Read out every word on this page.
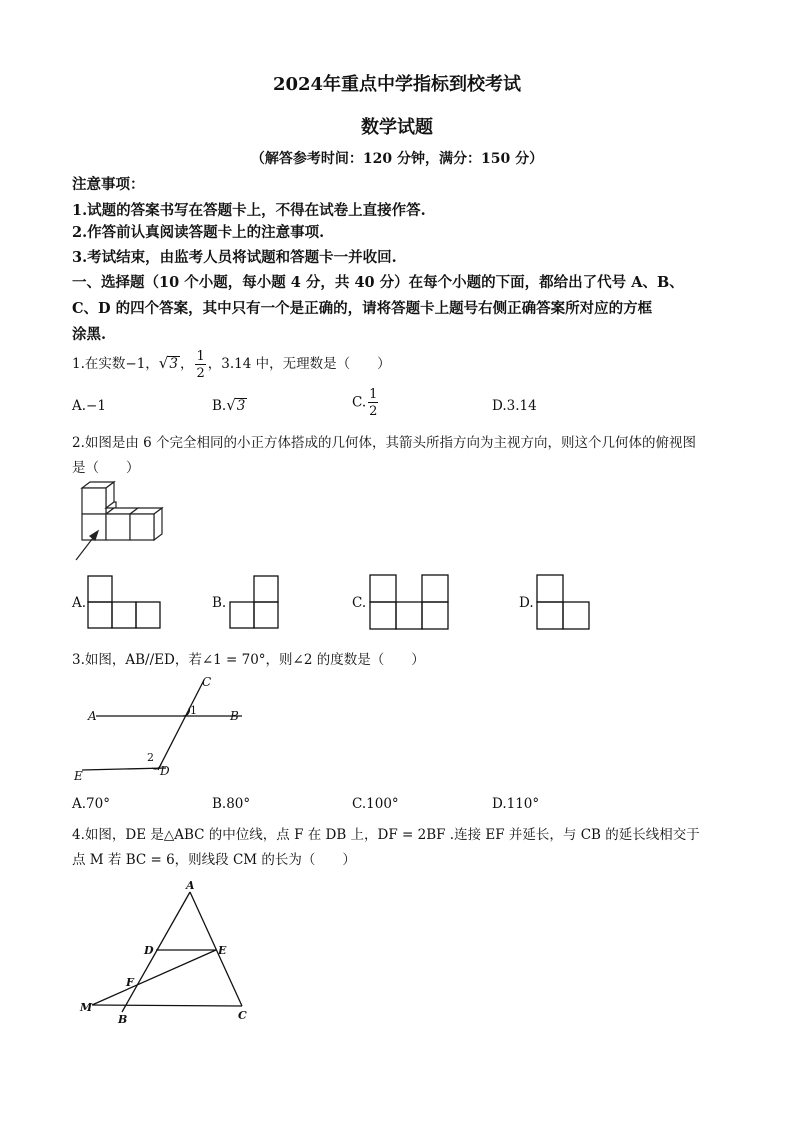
2024年重点中学指标到校考试
数学试题
（解答参考时间：120 分钟，满分：150 分）
注意事项：
1.试题的答案书写在答题卡上，不得在试卷上直接作答.
2.作答前认真阅读答题卡上的注意事项.
3.考试结束，由监考人员将试题和答题卡一并收回.
一、选择题（10 个小题，每小题 4 分，共 40 分）在每个小题的下面，都给出了代号 A、B、
C、D 的四个答案，其中只有一个是正确的，请将答题卡上题号右侧正确答案所对应的方框
涂黑.
1.在实数−1，√3 ， $\frac{1}{2}$ ，3.14 中，无理数是（　　）
A.−1	B.√3	C. $\frac{1}{2}$	D.3.14
2.如图是由 6 个完全相同的小正方体搭成的几何体，其箭头所指方向为主视方向，则这个几何体的俯视图
是（　　）
A.	B.	C.	D.
3.如图，AB//ED，若∠1 = 70°，则∠2 的度数是（　　）
A	B
C
D
E
1
2
A.70°	B.80°	C.100°	D.110°
4.如图，DE 是△ABC 的中位线，点 F 在 DB 上，DF = 2BF .连接 EF 并延长，与 CB 的延长线相交于
点 M 若 BC = 6，则线段 CM 的长为（　　）
A
D	E
F
M
B	C
